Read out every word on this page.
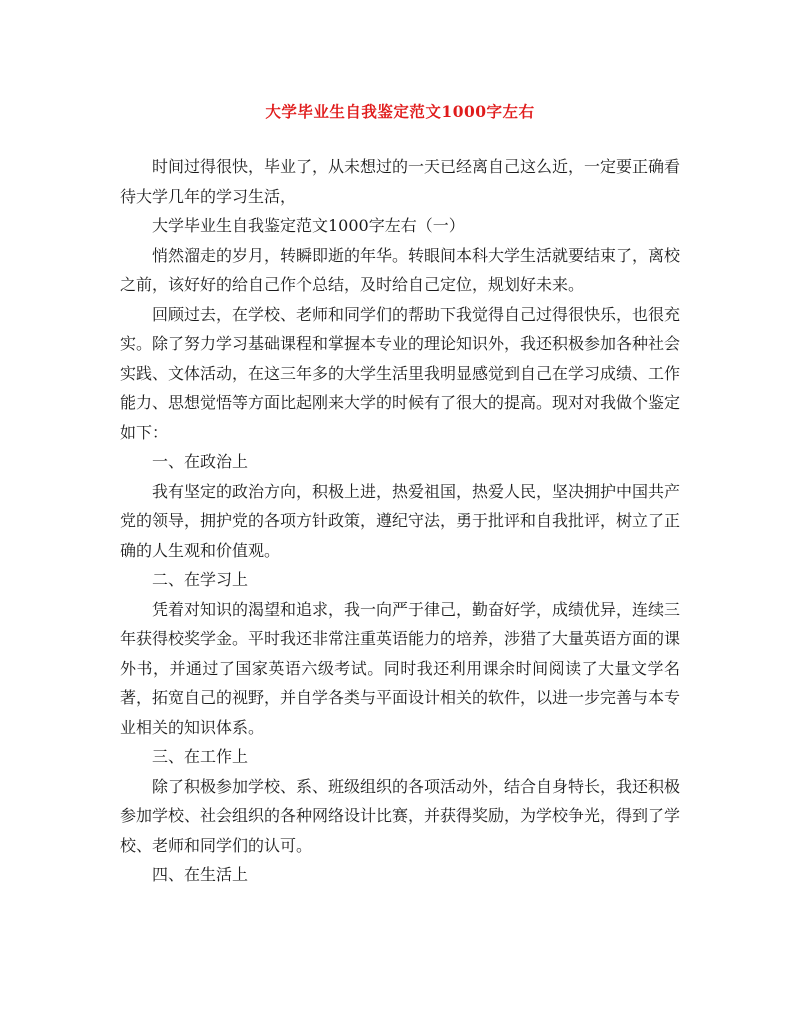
大学毕业生自我鉴定范文1000字左右

时间过得很快，毕业了，从未想过的一天已经离自己这么近，一定要正确看待大学几年的学习生活，

大学毕业生自我鉴定范文1000字左右（一）

悄然溜走的岁月，转瞬即逝的年华。转眼间本科大学生活就要结束了，离校之前，该好好的给自己作个总结，及时给自己定位，规划好未来。

回顾过去，在学校、老师和同学们的帮助下我觉得自己过得很快乐，也很充实。除了努力学习基础课程和掌握本专业的理论知识外，我还积极参加各种社会实践、文体活动，在这三年多的大学生活里我明显感觉到自己在学习成绩、工作能力、思想觉悟等方面比起刚来大学的时候有了很大的提高。现对对我做个鉴定如下：

一、在政治上

我有坚定的政治方向，积极上进，热爱祖国，热爱人民，坚决拥护中国共产党的领导，拥护党的各项方针政策，遵纪守法，勇于批评和自我批评，树立了正确的人生观和价值观。

二、在学习上

凭着对知识的渴望和追求，我一向严于律己，勤奋好学，成绩优异，连续三年获得校奖学金。平时我还非常注重英语能力的培养，涉猎了大量英语方面的课外书，并通过了国家英语六级考试。同时我还利用课余时间阅读了大量文学名著，拓宽自己的视野，并自学各类与平面设计相关的软件，以进一步完善与本专业相关的知识体系。

三、在工作上

除了积极参加学校、系、班级组织的各项活动外，结合自身特长，我还积极参加学校、社会组织的各种网络设计比赛，并获得奖励，为学校争光，得到了学校、老师和同学们的认可。

四、在生活上
